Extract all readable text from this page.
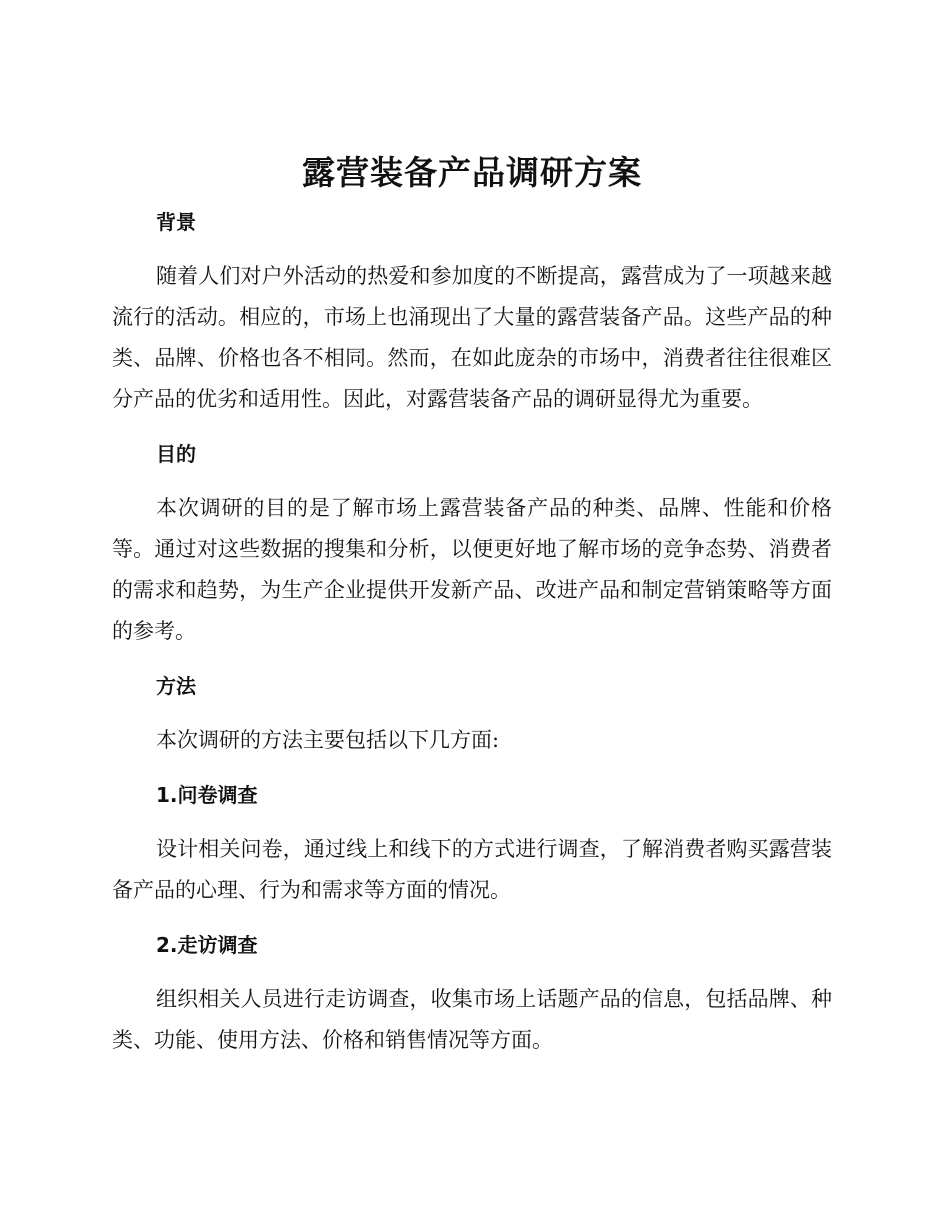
露营装备产品调研方案
背景

随着人们对户外活动的热爱和参加度的不断提高，露营成为了一项越来越流行的活动。相应的，市场上也涌现出了大量的露营装备产品。这些产品的种类、品牌、价格也各不相同。然而，在如此庞杂的市场中，消费者往往很难区分产品的优劣和适用性。因此，对露营装备产品的调研显得尤为重要。

目的

本次调研的目的是了解市场上露营装备产品的种类、品牌、性能和价格等。通过对这些数据的搜集和分析，以便更好地了解市场的竞争态势、消费者的需求和趋势，为生产企业提供开发新产品、改进产品和制定营销策略等方面的参考。

方法

本次调研的方法主要包括以下几方面:

1.问卷调查

设计相关问卷，通过线上和线下的方式进行调查，了解消费者购买露营装备产品的心理、行为和需求等方面的情况。

2.走访调查

组织相关人员进行走访调查，收集市场上话题产品的信息，包括品牌、种类、功能、使用方法、价格和销售情况等方面。
